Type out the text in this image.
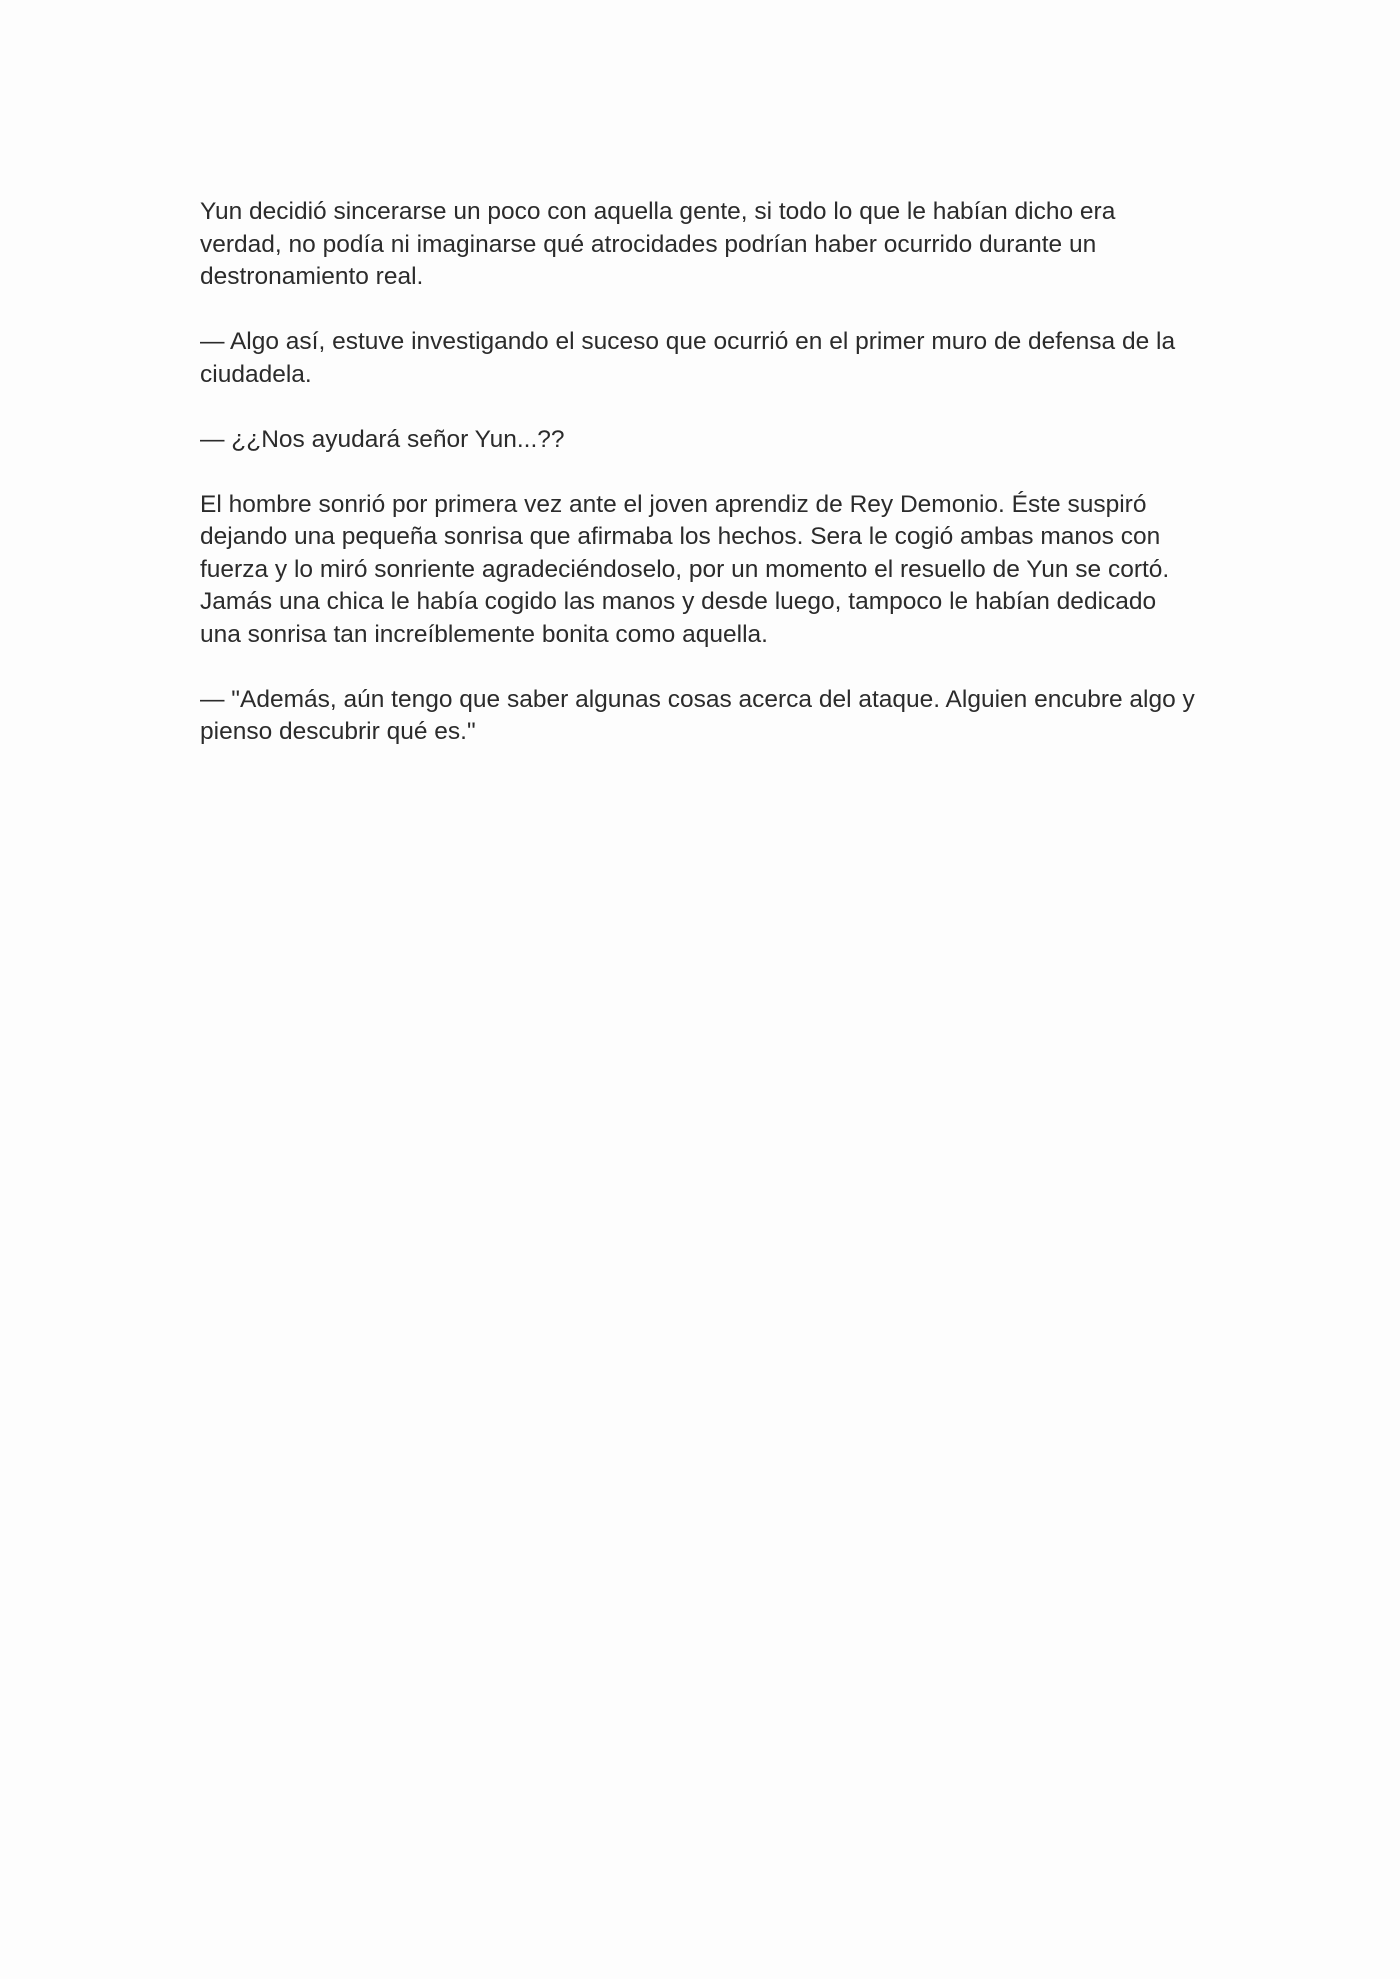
Yun decidió sincerarse un poco con aquella gente, si todo lo que le habían dicho era verdad, no podía ni imaginarse qué atrocidades podrían haber ocurrido durante un destronamiento real.

— Algo así, estuve investigando el suceso que ocurrió en el primer muro de defensa de la ciudadela.

— ¿¿Nos ayudará señor Yun...??

El hombre sonrió por primera vez ante el joven aprendiz de Rey Demonio. Éste suspiró dejando una pequeña sonrisa que afirmaba los hechos. Sera le cogió ambas manos con fuerza y lo miró sonriente agradeciéndoselo, por un momento el resuello de Yun se cortó. Jamás una chica le había cogido las manos y desde luego, tampoco le habían dedicado una sonrisa tan increíblemente bonita como aquella.

— "Además, aún tengo que saber algunas cosas acerca del ataque. Alguien encubre algo y pienso descubrir qué es."
